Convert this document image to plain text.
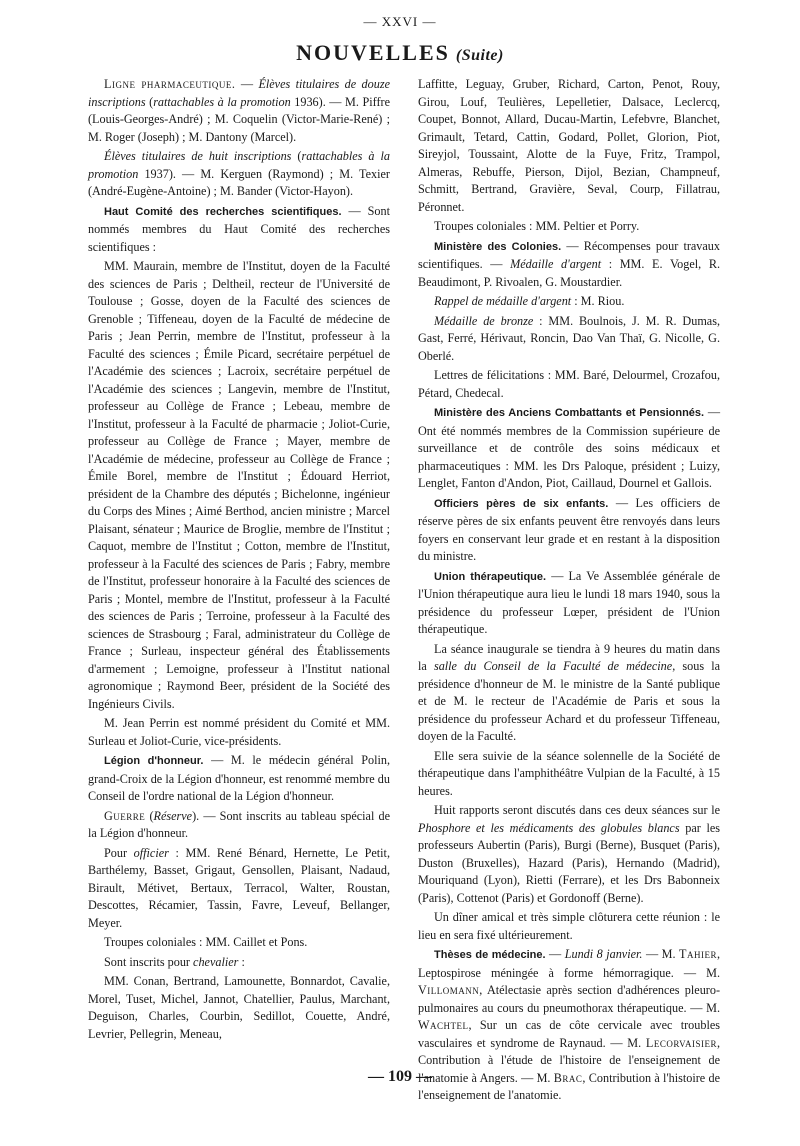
— XXVI —
NOUVELLES (Suite)

Ligne pharmaceutique. — Élèves titulaires de douze inscriptions (rattachables à la promotion 1936). — M. Piffre (Louis-Georges-André) ; M. Coquelin (Victor-Marie-René) ; M. Roger (Joseph) ; M. Dantony (Marcel).

Élèves titulaires de huit inscriptions (rattachables à la promotion 1937). — M. Kerguen (Raymond) ; M. Texier (André-Eugène-Antoine) ; M. Bander (Victor-Hayon).

Haut Comité des recherches scientifiques. — Sont nommés membres du Haut Comité des recherches scientifiques :

MM. Maurain, membre de l'Institut, doyen de la Faculté des sciences de Paris ; Deltheil, recteur de l'Université de Toulouse ; Gosse, doyen de la Faculté des sciences de Grenoble ; Tiffeneau, doyen de la Faculté de médecine de Paris ; Jean Perrin, membre de l'Institut, professeur à la Faculté des sciences ; Émile Picard, secrétaire perpétuel de l'Académie des sciences ; Lacroix, secrétaire perpétuel de l'Académie des sciences ; Langevin, membre de l'Institut, professeur au Collège de France ; Lebeau, membre de l'Institut, professeur à la Faculté de pharmacie ; Joliot-Curie, professeur au Collège de France ; Mayer, membre de l'Académie de médecine, professeur au Collège de France ; Émile Borel, membre de l'Institut ; Édouard Herriot, président de la Chambre des députés ; Bichelonne, ingénieur du Corps des Mines ; Aimé Berthod, ancien ministre ; Marcel Plaisant, sénateur ; Maurice de Broglie, membre de l'Institut ; Caquot, membre de l'Institut ; Cotton, membre de l'Institut, professeur à la Faculté des sciences de Paris ; Fabry, membre de l'Institut, professeur honoraire à la Faculté des sciences de Paris ; Montel, membre de l'Institut, professeur à la Faculté des sciences de Paris ; Terroine, professeur à la Faculté des sciences de Strasbourg ; Faral, administrateur du Collège de France ; Surleau, inspecteur général des Établissements d'armement ; Lemoigne, professeur à l'Institut national agronomique ; Raymond Beer, président de la Société des Ingénieurs Civils.

M. Jean Perrin est nommé président du Comité et MM. Surleau et Joliot-Curie, vice-présidents.

Légion d'honneur. — M. le médecin général Polin, grand-Croix de la Légion d'honneur, est renommé membre du Conseil de l'ordre national de la Légion d'honneur.

Guerre (Réserve). — Sont inscrits au tableau spécial de la Légion d'honneur.

Pour officier : MM. René Bénard, Hernette, Le Petit, Barthélemy, Basset, Grigaut, Gensollen, Plaisant, Nadaud, Birault, Métivet, Bertaux, Terracol, Walter, Roustan, Descottes, Récamier, Tassin, Favre, Leveuf, Bellanger, Meyer.

Troupes coloniales : MM. Caillet et Pons.

Sont inscrits pour chevalier :

MM. Conan, Bertrand, Lamounette, Bonnardot, Cavalie, Morel, Tuset, Michel, Jannot, Chatellier, Paulus, Marchant, Deguison, Charles, Courbin, Sedillot, Couette, André, Levrier, Pellegrin, Meneau,

Laffitte, Leguay, Gruber, Richard, Carton, Penot, Rouy, Girou, Louf, Teulières, Lepelletier, Dalsace, Leclercq, Coupet, Bonnot, Allard, Ducau-Martin, Lefebvre, Blanchet, Grimault, Tetard, Cattin, Godard, Pollet, Glorion, Piot, Sireyjol, Toussaint, Alotte de la Fuye, Fritz, Trampol, Almeras, Rebuffe, Pierson, Dijol, Bezian, Champneuf, Schmitt, Bertrand, Gravière, Seval, Courp, Fillatrau, Péronnet.

Troupes coloniales : MM. Peltier et Porry.

Ministère des Colonies. — Récompenses pour travaux scientifiques. — Médaille d'argent : MM. E. Vogel, R. Beaudimont, P. Rivoalen, G. Moustardier.

Rappel de médaille d'argent : M. Riou.

Médaille de bronze : MM. Boulnois, J. M. R. Dumas, Gast, Ferré, Hérivaut, Roncin, Dao Van Thaï, G. Nicolle, G. Oberlé.

Lettres de félicitations : MM. Baré, Delourmel, Crozafou, Pétard, Chedecal.

Ministère des Anciens Combattants et Pensionnés. — Ont été nommés membres de la Commission supérieure de surveillance et de contrôle des soins médicaux et pharmaceutiques : MM. les Drs Paloque, président ; Luizy, Lenglet, Fanton d'Andon, Piot, Caillaud, Dournel et Gallois.

Officiers pères de six enfants. — Les officiers de réserve pères de six enfants peuvent être renvoyés dans leurs foyers en conservant leur grade et en restant à la disposition du ministre.

Union thérapeutique. — La Ve Assemblée générale de l'Union thérapeutique aura lieu le lundi 18 mars 1940, sous la présidence du professeur Lœper, président de l'Union thérapeutique.

La séance inaugurale se tiendra à 9 heures du matin dans la salle du Conseil de la Faculté de médecine, sous la présidence d'honneur de M. le ministre de la Santé publique et de M. le recteur de l'Académie de Paris et sous la présidence du professeur Achard et du professeur Tiffeneau, doyen de la Faculté.

Elle sera suivie de la séance solennelle de la Société de thérapeutique dans l'amphithéâtre Vulpian de la Faculté, à 15 heures.

Huit rapports seront discutés dans ces deux séances sur le Phosphore et les médicaments des globules blancs par les professeurs Aubertin (Paris), Burgi (Berne), Busquet (Paris), Duston (Bruxelles), Hazard (Paris), Hernando (Madrid), Mouriquand (Lyon), Rietti (Ferrare), et les Drs Babonneix (Paris), Cottenot (Paris) et Gordonoff (Berne).

Un dîner amical et très simple clôturera cette réunion : le lieu en sera fixé ultérieurement.

Thèses de médecine. — Lundi 8 janvier. — M. Tahier, Leptospirose méningée à forme hémorragique. — M. Villomann, Atélectasie après section d'adhérences pleuro-pulmonaires au cours du pneumothorax thérapeutique. — M. Wachtel, Sur un cas de côte cervicale avec troubles vasculaires et syndrome de Raynaud. — M. Lecorvaisier, Contribution à l'étude de l'histoire de l'enseignement de l'anatomie à Angers. — M. Brac, Contribution à l'histoire de l'enseignement de l'anatomie.

— 109 —
